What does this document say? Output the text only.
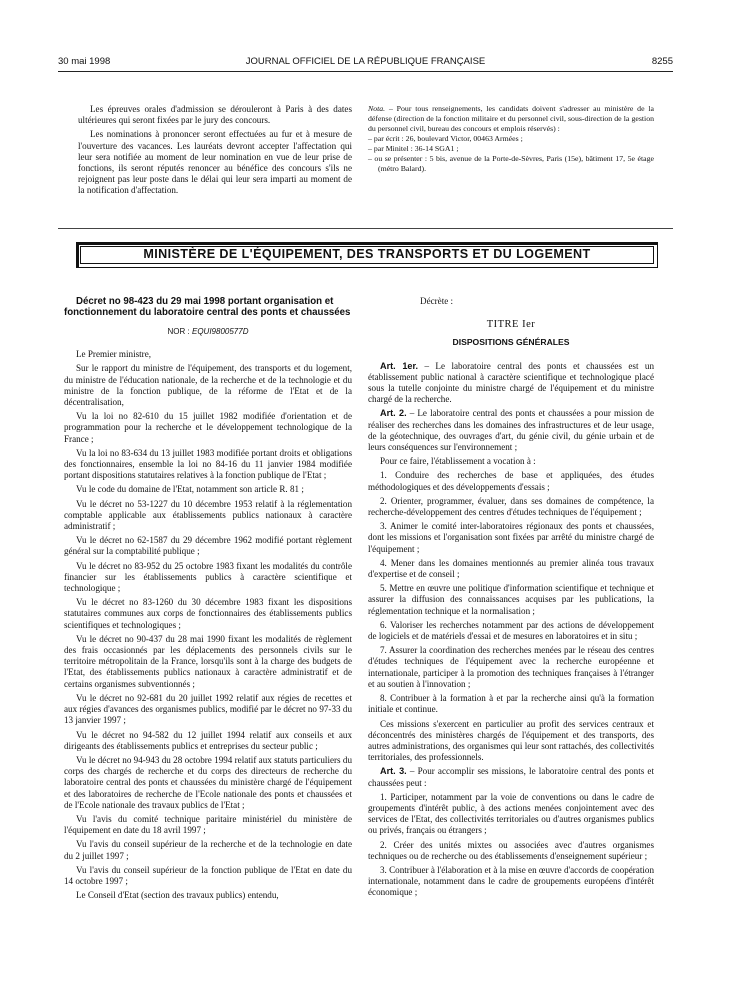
30 mai 1998	JOURNAL OFFICIEL DE LA RÉPUBLIQUE FRANÇAISE	8255

Les épreuves orales d'admission se dérouleront à Paris à des dates ultérieures qui seront fixées par le jury des concours.

Les nominations à prononcer seront effectuées au fur et à mesure de l'ouverture des vacances. Les lauréats devront accepter l'affectation qui leur sera notifiée au moment de leur nomination en vue de leur prise de fonctions, ils seront réputés renoncer au bénéfice des concours s'ils ne rejoignent pas leur poste dans le délai qui leur sera imparti au moment de la notification d'affectation.

Nota. – Pour tous renseignements, les candidats doivent s'adresser au ministère de la défense (direction de la fonction militaire et du personnel civil, sous-direction de la gestion du personnel civil, bureau des concours et emplois réservés) :

– par écrit : 26, boulevard Victor, 00463 Armées ;
– par Minitel : 36-14 SGA1 ;
– ou se présenter : 5 bis, avenue de la Porte-de-Sèvres, Paris (15e), bâtiment 17, 5e étage (métro Balard).
MINISTÈRE DE L'ÉQUIPEMENT, DES TRANSPORTS ET DU LOGEMENT

Décret no 98-423 du 29 mai 1998 portant organisation et fonctionnement du laboratoire central des ponts et chaussées

NOR : EQUI9800577D

Le Premier ministre,

Sur le rapport du ministre de l'équipement, des transports et du logement, du ministre de l'éducation nationale, de la recherche et de la technologie et du ministre de la fonction publique, de la réforme de l'Etat et de la décentralisation,

Vu la loi no 82-610 du 15 juillet 1982 modifiée d'orientation et de programmation pour la recherche et le développement technologique de la France ;

Vu la loi no 83-634 du 13 juillet 1983 modifiée portant droits et obligations des fonctionnaires, ensemble la loi no 84-16 du 11 janvier 1984 modifiée portant dispositions statutaires relatives à la fonction publique de l'Etat ;

Vu le code du domaine de l'Etat, notamment son article R. 81 ;

Vu le décret no 53-1227 du 10 décembre 1953 relatif à la réglementation comptable applicable aux établissements publics nationaux à caractère administratif ;

Vu le décret no 62-1587 du 29 décembre 1962 modifié portant règlement général sur la comptabilité publique ;

Vu le décret no 83-952 du 25 octobre 1983 fixant les modalités du contrôle financier sur les établissements publics à caractère scientifique et technologique ;

Vu le décret no 83-1260 du 30 décembre 1983 fixant les dispositions statutaires communes aux corps de fonctionnaires des établissements publics scientifiques et technologiques ;

Vu le décret no 90-437 du 28 mai 1990 fixant les modalités de règlement des frais occasionnés par les déplacements des personnels civils sur le territoire métropolitain de la France, lorsqu'ils sont à la charge des budgets de l'Etat, des établissements publics nationaux à caractère administratif et de certains organismes subventionnés ;

Vu le décret no 92-681 du 20 juillet 1992 relatif aux régies de recettes et aux régies d'avances des organismes publics, modifié par le décret no 97-33 du 13 janvier 1997 ;

Vu le décret no 94-582 du 12 juillet 1994 relatif aux conseils et aux dirigeants des établissements publics et entreprises du secteur public ;

Vu le décret no 94-943 du 28 octobre 1994 relatif aux statuts particuliers du corps des chargés de recherche et du corps des directeurs de recherche du laboratoire central des ponts et chaussées du ministère chargé de l'équipement et des laboratoires de recherche de l'Ecole nationale des ponts et chaussées et de l'Ecole nationale des travaux publics de l'Etat ;

Vu l'avis du comité technique paritaire ministériel du ministère de l'équipement en date du 18 avril 1997 ;

Vu l'avis du conseil supérieur de la recherche et de la technologie en date du 2 juillet 1997 ;

Vu l'avis du conseil supérieur de la fonction publique de l'Etat en date du 14 octobre 1997 ;

Le Conseil d'Etat (section des travaux publics) entendu,

Décrète :

TITRE Ier
DISPOSITIONS GÉNÉRALES

Art. 1er. – Le laboratoire central des ponts et chaussées est un établissement public national à caractère scientifique et technologique placé sous la tutelle conjointe du ministre chargé de l'équipement et du ministre chargé de la recherche.

Art. 2. – Le laboratoire central des ponts et chaussées a pour mission de réaliser des recherches dans les domaines des infrastructures et de leur usage, de la géotechnique, des ouvrages d'art, du génie civil, du génie urbain et de leurs conséquences sur l'environnement ;

Pour ce faire, l'établissement a vocation à :

1. Conduire des recherches de base et appliquées, des études méthodologiques et des développements d'essais ;

2. Orienter, programmer, évaluer, dans ses domaines de compétence, la recherche-développement des centres d'études techniques de l'équipement ;

3. Animer le comité inter-laboratoires régionaux des ponts et chaussées, dont les missions et l'organisation sont fixées par arrêté du ministre chargé de l'équipement ;

4. Mener dans les domaines mentionnés au premier alinéa tous travaux d'expertise et de conseil ;

5. Mettre en œuvre une politique d'information scientifique et technique et assurer la diffusion des connaissances acquises par les publications, la réglementation technique et la normalisation ;

6. Valoriser les recherches notamment par des actions de développement de logiciels et de matériels d'essai et de mesures en laboratoires et in situ ;

7. Assurer la coordination des recherches menées par le réseau des centres d'études techniques de l'équipement avec la recherche européenne et internationale, participer à la promotion des techniques françaises à l'étranger et au soutien à l'innovation ;

8. Contribuer à la formation à et par la recherche ainsi qu'à la formation initiale et continue.

Ces missions s'exercent en particulier au profit des services centraux et déconcentrés des ministères chargés de l'équipement et des transports, des autres administrations, des organismes qui leur sont rattachés, des collectivités territoriales, des professionnels.

Art. 3. – Pour accomplir ses missions, le laboratoire central des ponts et chaussées peut :

1. Participer, notamment par la voie de conventions ou dans le cadre de groupements d'intérêt public, à des actions menées conjointement avec des services de l'Etat, des collectivités territoriales ou d'autres organismes publics ou privés, français ou étrangers ;

2. Créer des unités mixtes ou associées avec d'autres organismes techniques ou de recherche ou des établissements d'enseignement supérieur ;

3. Contribuer à l'élaboration et à la mise en œuvre d'accords de coopération internationale, notamment dans le cadre de groupements européens d'intérêt économique ;
